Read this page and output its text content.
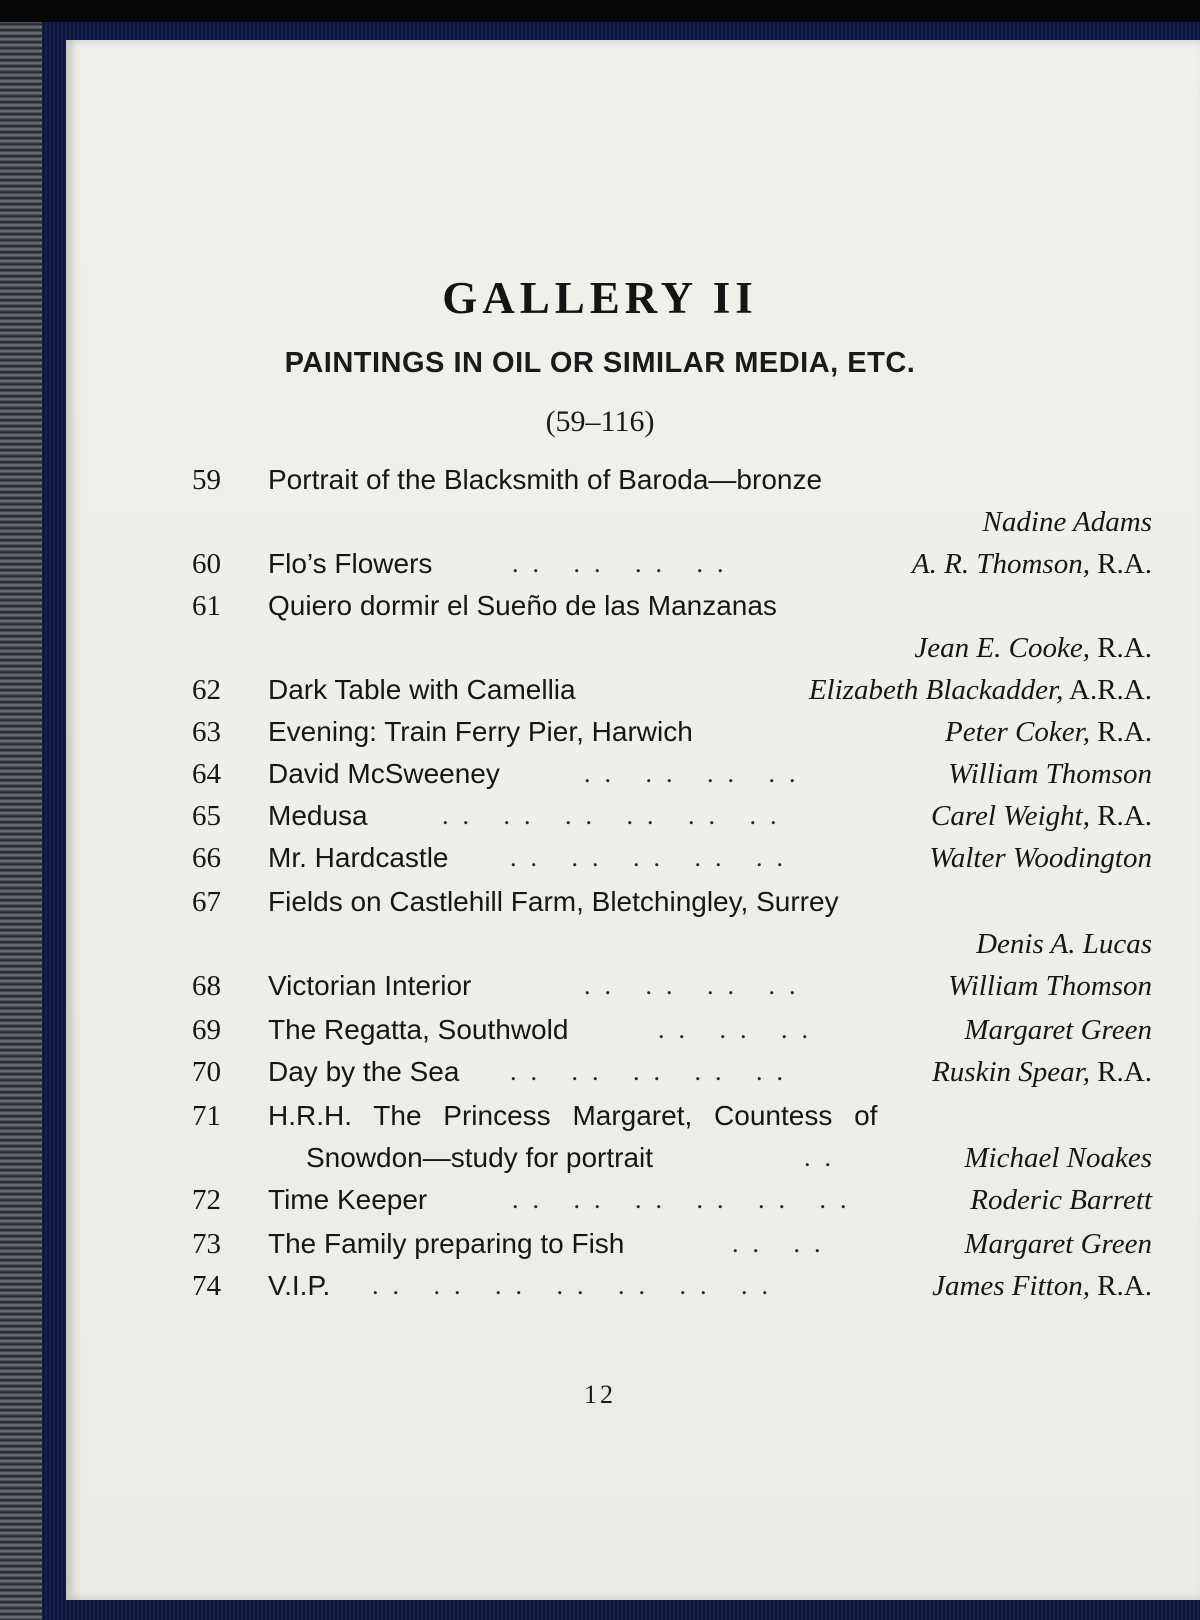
GALLERY II
PAINTINGS IN OIL OR SIMILAR MEDIA, ETC.
(59–116)
59	Portrait of the Blacksmith of Baroda—bronze
Nadine Adams
60	Flo’s Flowers	.. .. .. ..	A. R. Thomson, R.A.
61	Quiero dormir el Sueño de las Manzanas
Jean E. Cooke, R.A.
62	Dark Table with Camellia	Elizabeth Blackadder, A.R.A.
63	Evening: Train Ferry Pier, Harwich	Peter Coker, R.A.
64	David McSweeney	.. .. .. ..	William Thomson
65	Medusa	.. .. .. .. .. ..	Carel Weight, R.A.
66	Mr. Hardcastle .. .. .. .. ..	Walter Woodington
67	Fields on Castlehill Farm, Bletchingley, Surrey
Denis A. Lucas
68	Victorian Interior	.. .. .. ..	William Thomson
69	The Regatta, Southwold	.. .. ..	Margaret Green
70	Day by the Sea .. .. .. .. ..	Ruskin Spear, R.A.
71	H.R.H. The Princess Margaret, Countess of
Snowdon—study for portrait	..	Michael Noakes
72	Time Keeper	.. .. .. .. .. ..	Roderic Barrett
73	The Family preparing to Fish	.. ..	Margaret Green
74	V.I.P. .. .. .. .. .. .. ..	James Fitton, R.A.
12
